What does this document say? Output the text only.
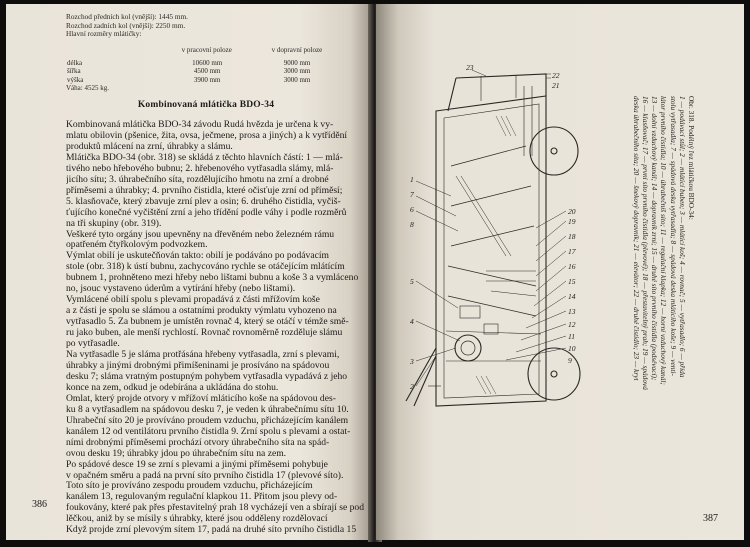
Rozchod předních kol (vnější): 1445 mm.
Rozchod zadních kol (vnější): 2250 mm.
Hlavní rozměry mlátičky:
v pracovní poloze	v dopravní poloze
délka	10600 mm	9000 mm
šířka	4500 mm	3000 mm
výška	3900 mm	3000 mm
Váha: 4525 kg.
Kombinovaná mlátička BDO-34
Kombinovaná mlátička BDO-34 závodu Rudá hvězda je určena k vy-
mlatu obilovin (pšenice, žita, ovsa, ječmene, prosa a jiných) a k vytřídění
produktů mlácení na zrní, úhrabky a slámu.
Mlátička BDO-34 (obr. 318) se skládá z těchto hlavních částí: 1 — mlá-
tivého nebo hřebového bubnu; 2. hřebenového vytřasadla slámy, mlá-
jicího sítu; 3. úhrabečního síta, rozdělujícího hmotu na zrní a drobné
příměsemi a úhrabky; 4. prvního čistidla, které očisťuje zrní od příměsí;
5. klasňovače, který zbavuje zrní plev a osin; 6. druhého čistidla, vyčiš-
ťujícího konečné vyčištění zrní a jeho třídění podle váhy i podle rozměrů
na tři skupiny (obr. 319).
Veškeré tyto orgány jsou upevněny na dřevěném nebo železném rámu
opatřeném čtyřkolovým podvozkem.
Výmlat obilí je uskutečňován takto: obilí je podáváno po podávacím
stole (obr. 318) k ústí bubnu, zachycováno rychle se otáčejícím mlátícím
bubnem 1, prohněteno mezi hřeby nebo lištami bubnu a koše 3 a vymláceno
no, jsouc vystaveno úderům a vytírání hřeby (nebo lištami).
Vymlácené obilí spolu s plevami propadává z části mřížovím koše
a z části je spolu se slámou a ostatními produkty výmlatu vyhozeno na
vytřasadlo 5. Za bubnem je umístěn rovnač 4, který se otáčí v témže smě-
ru jako buben, ale menší rychlostí. Rovnač rovnoměrně rozděluje slámu
po vytřasadle.
Na vytřasadle 5 je sláma protřásána hřebeny vytřasadla, zrní s plevami,
úhrabky a jinými drobnými přimíšeninami je prosíváno na spádovou
desku 7; sláma vratným postupným pohybem vytřasadla vypadává z jeho
konce na zem, odkud je odebírána a ukládána do stohu.
Omlat, který projde otvory v mřížoví mláticího koše na spádovou des-
ku 8 a vytřasadlem na spádovou desku 7, je veden k úhrabečnímu sítu 10.
Úhrabeční síto 20 je províváno proudem vzduchu, přicházejícím kanálem
kanálem 12 od ventilátoru prvního čistidla 9. Zrní spolu s plevami a ostat-
ními drobnými příměsemi prochází otvory úhrabečního síta na spád-
ovou desku 19; úhrabky jdou po úhrabečním sítu na zem.
Po spádové desce 19 se zrní s plevami a jinými příměsemi pohybuje
v opačném směru a padá na první síto prvního čistidla 17 (plevové síto).
Toto síto je províváno zespodu proudem vzduchu, přicházejícím
kanálem 13, regulovaným regulační klapkou 11. Přitom jsou plevy od-
foukovány, které pak přes přestavitelný prah 18 vycházejí ven a sbírají se pod
lěčkou, aniž by se mísily s úhrabky, které jsou odděleny rozdělovací
Když projde zrní plevovým sítem 17, padá na druhé síto prvního čistidla 15
386
387
23
22
21
1
7
6
8
20
19
18
17
16
15
14
13
12
11
10
9
5
4
3
2
Obr. 318. Podélný řez mlátičkou BDO-34:
1 — podávací stůl; 2 — mláticí buben; 3 — mláticí koš; 4 — rovnač; 5 — vytřasadlo; 6 — přída
stolu vytřasadla; 7 — spádová deska vytřasadla; 8 — spádová deska mláticího koše; 9 — venti-
látor prvního čistidla; 10 — úhrabečníš síto; 11 — regulační klapka; 12 — horní vzduchový kanál;
13 — dolní vzduchový kanál; 14 — dopravník zrní; 15 — druhé síto prvního čistidla (podsévací);
16 — klasňovač; 17 — první síto prvního čistidla (plevové); 18 — přestavitelný prah; 19 — spádová
deska úhrabečního síta; 20 — šnekový dopravník; 21 — elevátor; 22 — druhé čistidlo; 23 — kryt
